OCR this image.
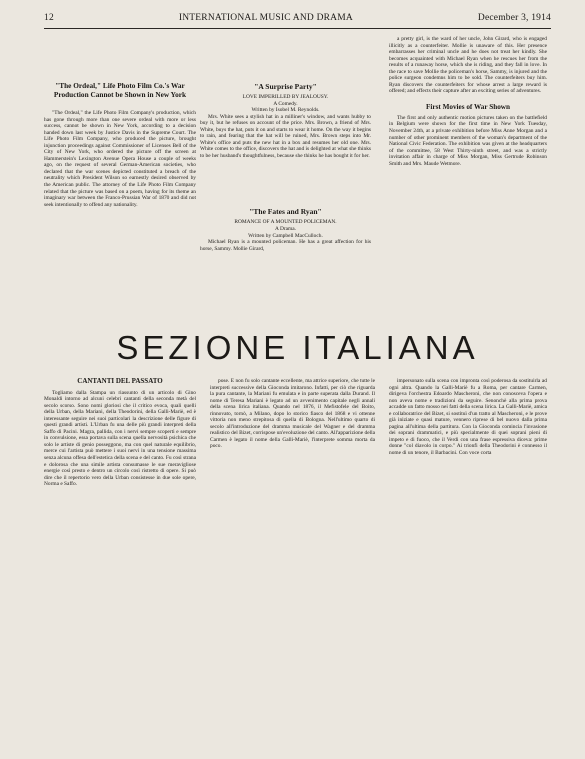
12	INTERNATIONAL MUSIC AND DRAMA	December 3, 1914
"The Ordeal," Life Photo Film Co.'s War Production Cannot be Shown in New York

"The Ordeal," the Life Photo Film Company's production, which has gone through more than one severe ordeal with more or less success, cannot be shown in New York, according to a decision handed down last week by Justice Davis in the Supreme Court. The Life Photo Film Company, who produced the picture, brought injunction proceedings against Commissioner of Licenses Bell of the City of New York, who ordered the picture off the screen at Hammerstein's Lexington Avenue Opera House a couple of weeks ago, on the request of several German-American societies, who declared that the war scenes depicted constituted a breach of the neutrality which President Wilson so earnestly desired observed by the American public. The attorney of the Life Photo Film Company related that the picture was based on a poem, having for its theme an imaginary war between the Franco-Prussian War of 1870 and did not seek intentionally to offend any nationality.

"A Surprise Party"
LOVE IMPERILLED BY JEALOUSY.
A Comedy.
Written by Isobel M. Reynolds.

Mrs. White sees a stylish hat in a milliner's window, and wants hubby to buy it, but he refuses on account of the price. Mrs. Brown, a friend of Mrs. White, buys the hat, puts it on and starts to wear it home. On the way it begins to rain, and fearing that the hat will be ruined, Mrs. Brown steps into Mr. White's office and puts the new hat in a box and resumes her old one. Mrs. White comes to the office, discovers the hat and is delighted at what she thinks to be her husband's thoughtfulness, because she thinks he has bought it for her.

"The Fates and Ryan"
ROMANCE OF A MOUNTED POLICEMAN.
A Drama.
Written by Campbell MacCulloch.

Michael Ryan is a mounted policeman. He has a great affection for his horse, Sammy. Mollie Girard,

a pretty girl, is the ward of her uncle, John Girard, who is engaged illicitly as a counterfeiter. Mollie is unaware of this. Her presence embarrasses her criminal uncle and he does not treat her kindly. She becomes acquainted with Michael Ryan when he rescues her from the results of a runaway horse, which she is riding, and they fall in love. In the race to save Mollie the policeman's horse, Sammy, is injured and the police surgeon condemns him to be sold. The counterfeiters buy him. Ryan discovers the counterfeiters for whose arrest a large reward is offered; and effects their capture after an exciting series of adventures.

First Movies of War Shown

The first and only authentic motion pictures taken on the battlefield in Belgium were shown for the first time in New York Tuesday, November 24th, at a private exhibition before Miss Anne Morgan and a number of other prominent members of the woman's department of the National Civic Federation. The exhibition was given at the headquarters of the committee, 58 West Thirty-ninth street, and was a strictly invitation affair in charge of Miss Morgan, Miss Gertrude Robinson Smith and Mrs. Maude Wetmore.

SEZIONE ITALIANA
CANTANTI DEL PASSATO

Togliamo dalla Stampa un riassunto di un articolo di Gino Monaldi intorno ad alcuni celebri cantanti della seconda metà del secolo scorso. Sono nomi gloriosi che il critico evoca, quali quelli della Urban, della Mariani, della Theodorini, della Galli-Mariè, ed è interessante seguire nei suoi particolari la descrizione delle figure di questi grandi artisti. L'Urban fu una delle più grandi interpreti della Saffo di Pacini. Magra, pallida, con i nervi sempre scoperti e sempre in convulsione, essa portava sulla scena quella nervosità psichica che solo le artiste di genio posseggono, ma con quel naturale equilibrio, merce cui l'artista può mettere i suoi nervi in una tensione massima senza alcuna offesa dell'estetica della scena e del canto. Fu così strana e dolorosa che una simile artista consumasse le sue meravigliose energie così presto e dentro un circolo così ristretto di opere. Si può dire che il repertorio vero della Urban consistesse in due sole opere, Norma e Saffo.

pose. E non fu solo cantante eccellente, ma attrice superiore, che tutte le interpreti successive della Gioconda imitarono. Infatti, per ciò che riguarda la pura cantante, la Mariani fu emulata e in parte superata dalla Durand. Il nome di Teresa Mariani è legato ad un avvenimento capitale negli annali della scena lirica italiana. Quando nel 1876, il Mefistofele del Boito, rinnovato, tornò, a Milano, dopo lo storico fiasco del 1868 e vi ottenne vittoria non meno strepitosa di quella di Bologna. Nell'ultimo quarto di secolo all'introduzione del dramma musicale del Wagner e del dramma realistico del Bizet, corrispose un'evoluzione del canto. All'apparizione della Carmen è legato il nome della Galli-Mariè, l'interprete somma morta da poco.

impersonato sulla scena con impronta così poderosa da sostituirla ad ogni altra. Quando la Galli-Mariè fu a Roma, per cantare Carmen, dirigeva l'orchestra Edoardo Mascheroni, che non conosceva l'opera e non aveva nome e tradizioni da seguire. Senonchè alla prima prova accadde un fatto mosso nei fatti della scena lirica. La Galli-Mariè, amica e collaboratrice del Bizet, si sostituì d'un tratto al Mascheroni, e le prove già iniziate e quasi mature, vennero riprese di bel nuovo dalla prima pagina all'ultima della partitura. Con la Gioconda comincia l'invasione dei soprani drammatici, e più specialmente di quei soprani pieni di impeto e di fuoco, che il Verdi con una frase espressiva diceva: prime donne "col diavolo in corpo." Ai trionfi della Theodorini è connesso il nome di un tenore, il Barbacini. Con voce corta
